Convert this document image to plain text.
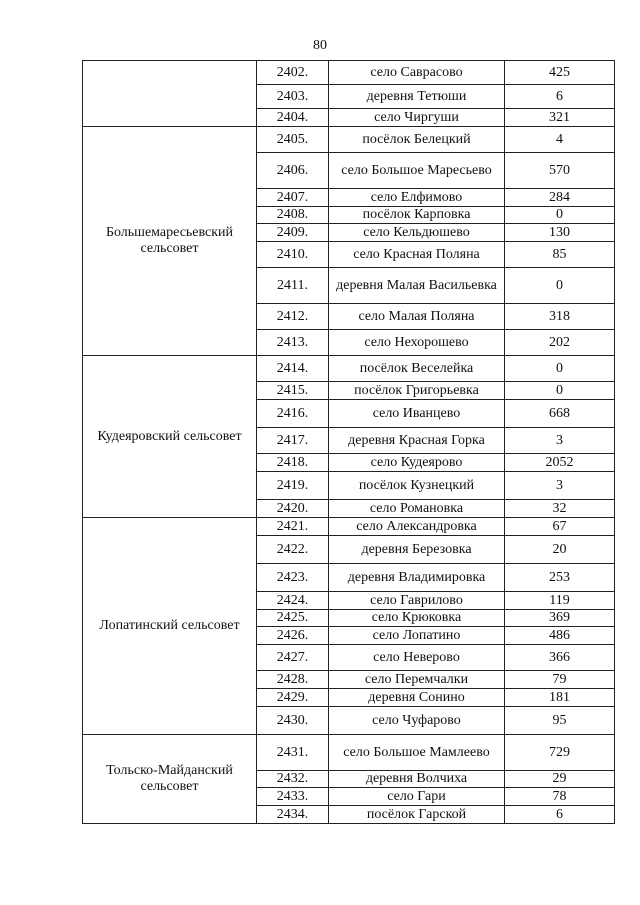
80
	2402.	село Саврасово	425
	2403.	деревня Тетюши	6
	2404.	село Чиргуши	321
Большемаресьевский сельсовет	2405.	посёлок Белецкий	4
	2406.	село Большое Маресьево	570
	2407.	село Елфимово	284
	2408.	посёлок Карповка	0
	2409.	село Кельдюшево	130
	2410.	село Красная Поляна	85
	2411.	деревня Малая Васильевка	0
	2412.	село Малая Поляна	318
	2413.	село Нехорошево	202
Кудеяровский сельсовет	2414.	посёлок Веселейка	0
	2415.	посёлок Григорьевка	0
	2416.	село Иванцево	668
	2417.	деревня Красная Горка	3
	2418.	село Кудеярово	2052
	2419.	посёлок Кузнецкий	3
	2420.	село Романовка	32
Лопатинский сельсовет	2421.	село Александровка	67
	2422.	деревня Березовка	20
	2423.	деревня Владимировка	253
	2424.	село Гаврилово	119
	2425.	село Крюковка	369
	2426.	село Лопатино	486
	2427.	село Неверово	366
	2428.	село Перемчалки	79
	2429.	деревня Сонино	181
	2430.	село Чуфарово	95
Тольско-Майданский сельсовет	2431.	село Большое Мамлеево	729
	2432.	деревня Волчиха	29
	2433.	село Гари	78
	2434.	посёлок Гарской	6
